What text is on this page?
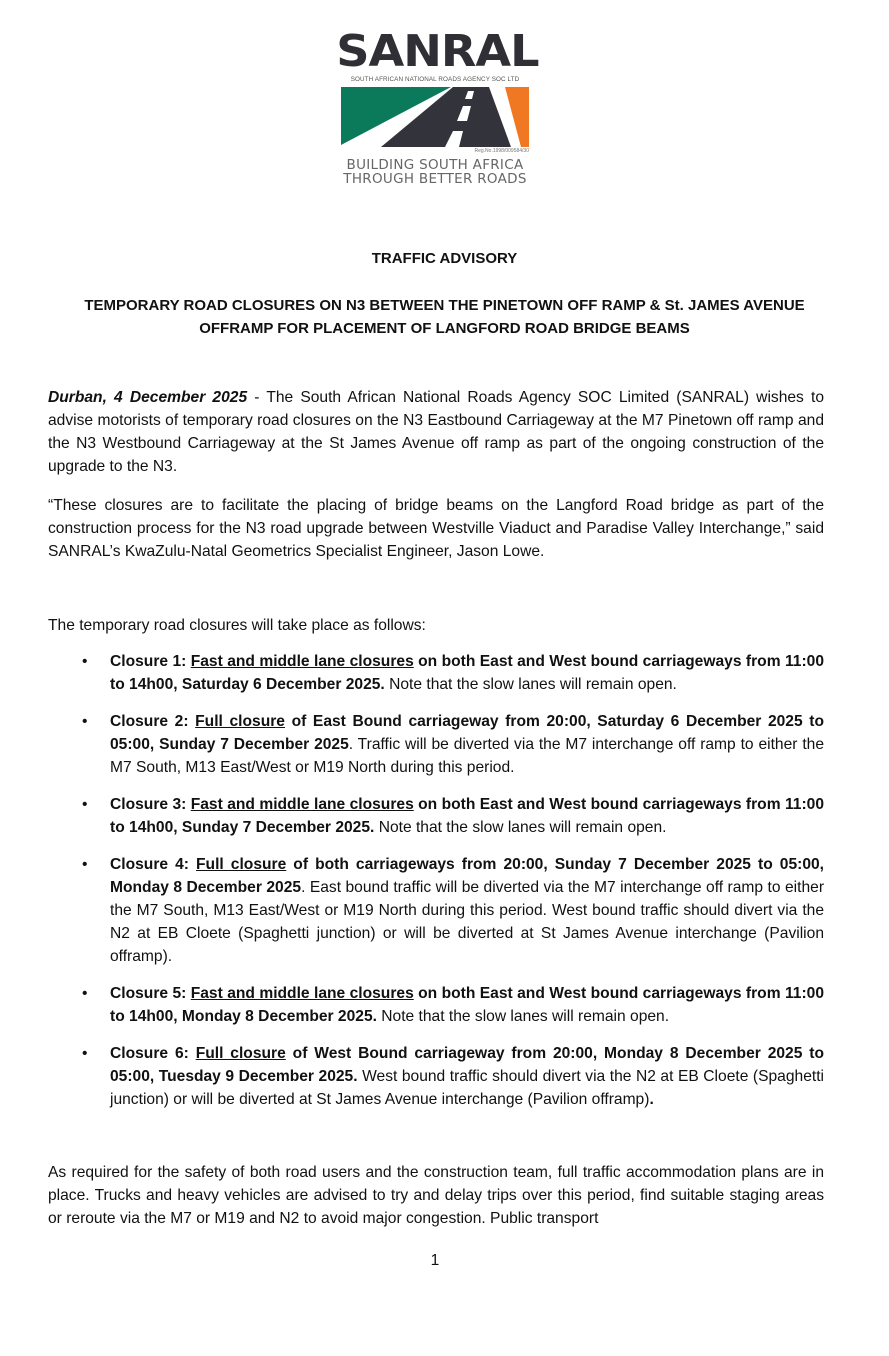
SANRAL
SOUTH AFRICAN NATIONAL ROADS AGENCY SOC LTD
Reg.No.1998/009584/30
BUILDING SOUTH AFRICA
THROUGH BETTER ROADS
TRAFFIC ADVISORY
TEMPORARY ROAD CLOSURES ON N3 BETWEEN THE PINETOWN OFF RAMP & St. JAMES AVENUE
OFFRAMP FOR PLACEMENT OF LANGFORD ROAD BRIDGE BEAMS
Durban, 4 December 2025 - The South African National Roads Agency SOC Limited (SANRAL) wishes to advise motorists of temporary road closures on the N3 Eastbound Carriageway at the M7 Pinetown off ramp and the N3 Westbound Carriageway at the St James Avenue off ramp as part of the ongoing construction of the upgrade to the N3.
“These closures are to facilitate the placing of bridge beams on the Langford Road bridge as part of the construction process for the N3 road upgrade between Westville Viaduct and Paradise Valley Interchange,” said SANRAL’s KwaZulu-Natal Geometrics Specialist Engineer, Jason Lowe.
The temporary road closures will take place as follows:
• Closure 1: Fast and middle lane closures on both East and West bound carriageways from 11:00 to 14h00, Saturday 6 December 2025. Note that the slow lanes will remain open.
• Closure 2: Full closure of East Bound carriageway from 20:00, Saturday 6 December 2025 to 05:00, Sunday 7 December 2025. Traffic will be diverted via the M7 interchange off ramp to either the M7 South, M13 East/West or M19 North during this period.
• Closure 3: Fast and middle lane closures on both East and West bound carriageways from 11:00 to 14h00, Sunday 7 December 2025. Note that the slow lanes will remain open.
• Closure 4: Full closure of both carriageways from 20:00, Sunday 7 December 2025 to 05:00, Monday 8 December 2025. East bound traffic will be diverted via the M7 interchange off ramp to either the M7 South, M13 East/West or M19 North during this period. West bound traffic should divert via the N2 at EB Cloete (Spaghetti junction) or will be diverted at St James Avenue interchange (Pavilion offramp).
• Closure 5: Fast and middle lane closures on both East and West bound carriageways from 11:00 to 14h00, Monday 8 December 2025. Note that the slow lanes will remain open.
• Closure 6: Full closure of West Bound carriageway from 20:00, Monday 8 December 2025 to 05:00, Tuesday 9 December 2025. West bound traffic should divert via the N2 at EB Cloete (Spaghetti junction) or will be diverted at St James Avenue interchange (Pavilion offramp).
As required for the safety of both road users and the construction team, full traffic accommodation plans are in place. Trucks and heavy vehicles are advised to try and delay trips over this period, find suitable staging areas or reroute via the M7 or M19 and N2 to avoid major congestion. Public transport
1
